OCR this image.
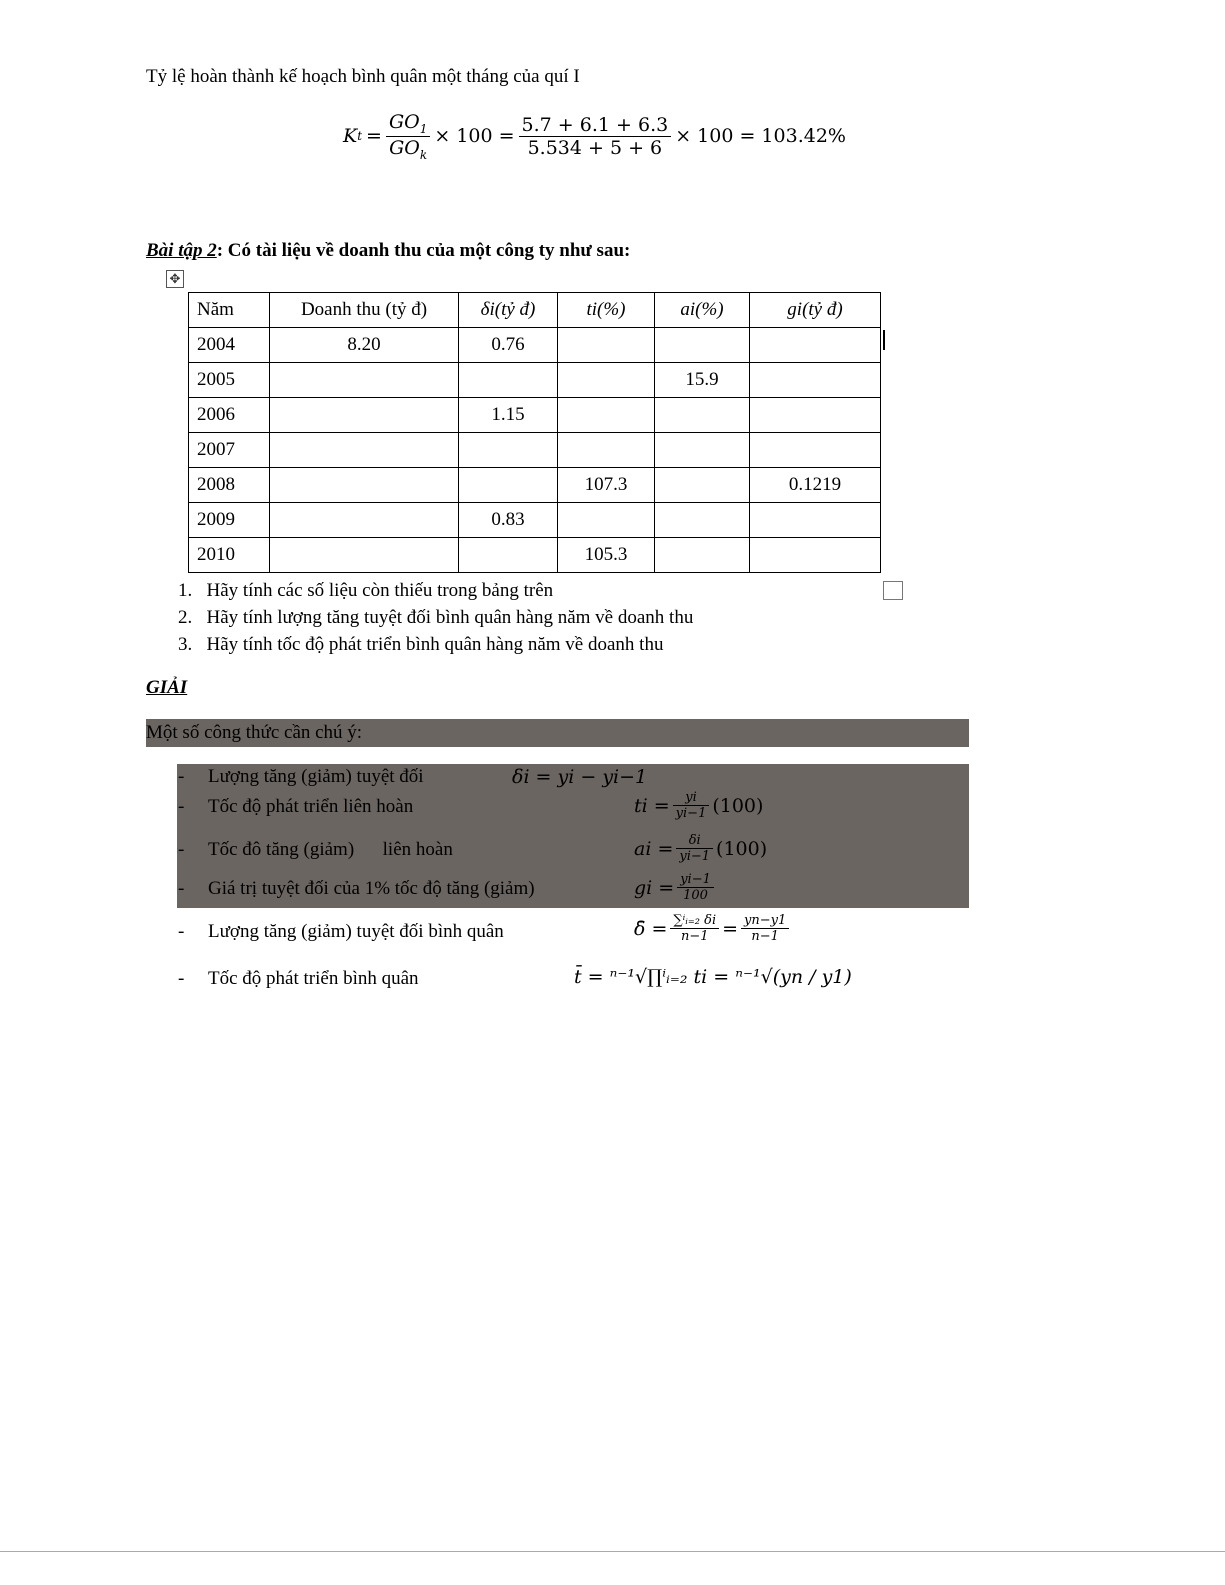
Tỷ lệ hoàn thành kế hoạch bình quân một tháng của quí I
K $t = \frac{GO_1}{GO_k} \times 100 = \frac{5.7 + 6.1 + 6.3}{5.534 + 5 + 6} \times 100 = 103.42\%$
Bài tập 2: Có tài liệu về doanh thu của một công ty như sau:
✥
Năm	Doanh thu (tỷ đ)	δi(tỷ đ)	ti(%)	ai(%)	gi(tỷ đ)
2004	8.20	0.76			
2005				15.9	
2006		1.15			
2007					
2008			107.3		0.1219
2009		0.83			
2010			105.3		
1.   Hãy tính các số liệu còn thiếu trong bảng trên
2.   Hãy tính lượng tăng tuyệt đối bình quân hàng năm về doanh thu
3.   Hãy tính tốc độ phát triển bình quân hàng năm về doanh thu
GIẢI
Một số công thức cần chú ý:
- Lượng tăng (giảm) tuyệt đối	δi = yi − yi−1
- Tốc độ phát triển liên hoàn	ti = $\frac{yi}{yi-1} (100)$
- Tốc đô tăng (giảm)      liên hoàn	ai = $\frac{\delta i}{yi-1} (100)$
- Giá trị tuyệt đối của 1% tốc độ tăng (giảm)	gi = $\frac{yi-1}{100}$
- Lượng tăng (giảm) tuyệt đối bình quân	δ̄ = $\frac{\text{∑ⁱᵢ₌₂ δi}}{n-1} = \frac{yn-y1}{n-1}$
- Tốc độ phát triển bình quân	t̄ = ⁿ⁻¹√∏ⁱᵢ₌₂ ti = ⁿ⁻¹√(yn / y1)
